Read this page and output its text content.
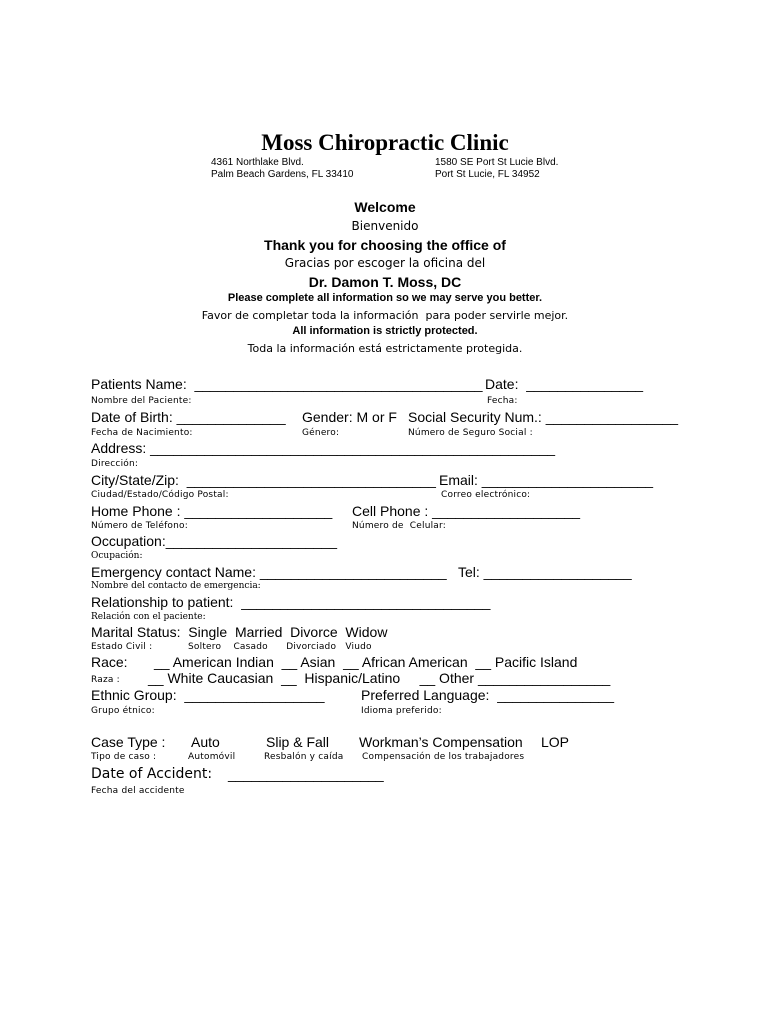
Moss Chiropractic Clinic
4361 Northlake Blvd.
Palm Beach Gardens, FL 33410
1580 SE Port St Lucie Blvd.
Port St Lucie, FL 34952
Welcome
Bienvenido
Thank you for choosing the office of
Gracias por escoger la oficina del
Dr. Damon T. Moss, DC
Please complete all information so we may serve you better.
Favor de completar toda la información  para poder servirle mejor.
All information is strictly protected.
Toda la información está estrictamente protegida.
Patients Name:  _____________________________________ Date:  _______________
Nombre del Paciente:	Fecha:
Date of Birth: ______________ Gender: M or F Social Security Num.: _________________
Fecha de Nacimiento:	Género:	Número de Seguro Social :
Address: ____________________________________________________
Dirección:
City/State/Zip:  ________________________________ Email: ______________________
Ciudad/Estado/Código Postal:	Correo electrónico:
Home Phone : ___________________ Cell Phone : ___________________
Número de Teléfono:	Número de  Celular:
Occupation:______________________
Ocupación:
Emergency contact Name: ________________________ Tel: ___________________
Nombre del contacto de emergencia:
Relationship to patient:  ________________________________
Relación con el paciente:
Marital Status:  Single  Married  Divorce  Widow
Estado Civil :	Soltero    Casado      Divorciado   Viudo
Race: __ American Indian  __ Asian  __ African American  __ Pacific Island
Raza : __ White Caucasian  __  Hispanic/Latino     __ Other _________________
Ethnic Group:  __________________	Preferred Language:  _______________
Grupo étnico:	Idioma preferido:
Case Type : Auto	Slip & Fall Workman’s Compensation LOP
Tipo de caso :	Automóvil	Resbalón y caída Compensación de los trabajadores
Date of Accident: ____________________
Fecha del accidente
